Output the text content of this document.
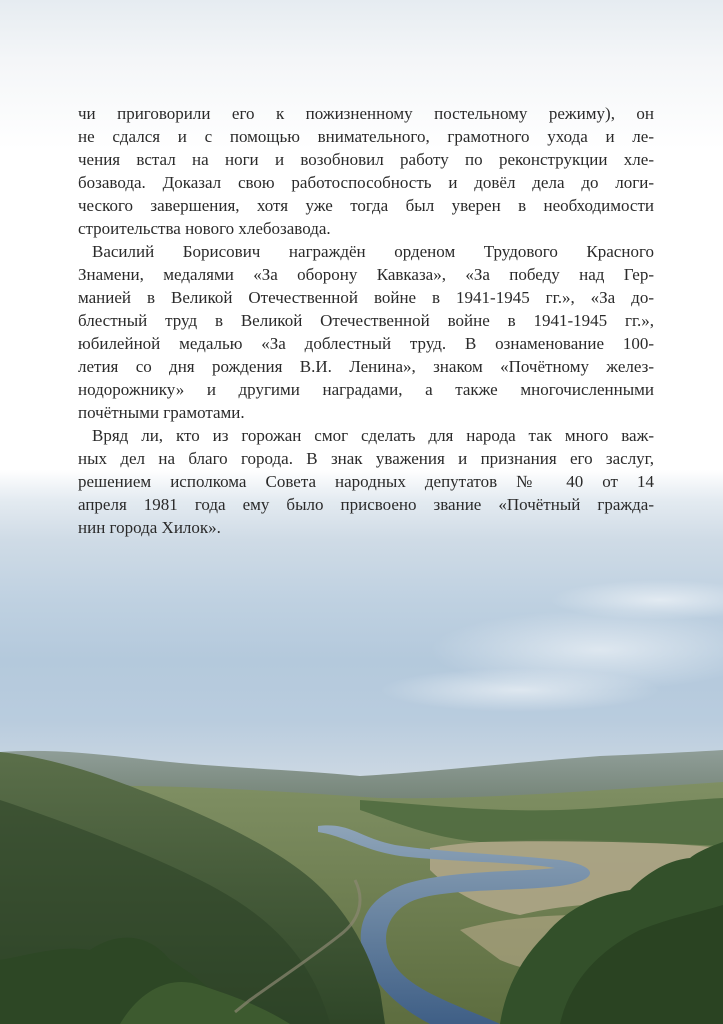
чи приговорили его к пожизненному постельному режиму), он
не сдался и с помощью внимательного, грамотного ухода и ле-
чения встал на ноги и возобновил работу по реконструкции хле-
бозавода. Доказал свою работоспособность и довёл дела до логи-
ческого завершения, хотя уже тогда был уверен в необходимости
строительства нового хлебозавода.

Василий Борисович награждён орденом Трудового Красного
Знамени, медалями «За оборону Кавказа», «За победу над Гер-
манией в Великой Отечественной войне в 1941-1945 гг.», «За до-
блестный труд в Великой Отечественной войне в 1941-1945 гг.»,
юбилейной медалью «За доблестный труд. В ознаменование 100-
летия со дня рождения В.И. Ленина», знаком «Почётному желез-
нодорожнику» и другими наградами, а также многочисленными
почётными грамотами.

Вряд ли, кто из горожан смог сделать для народа так много важ-
ных дел на благо города. В знак уважения и признания его заслуг,
решением исполкома Совета народных депутатов № 40 от 14
апреля 1981 года ему было присвоено звание «Почётный гражда-
нин города Хилок».
